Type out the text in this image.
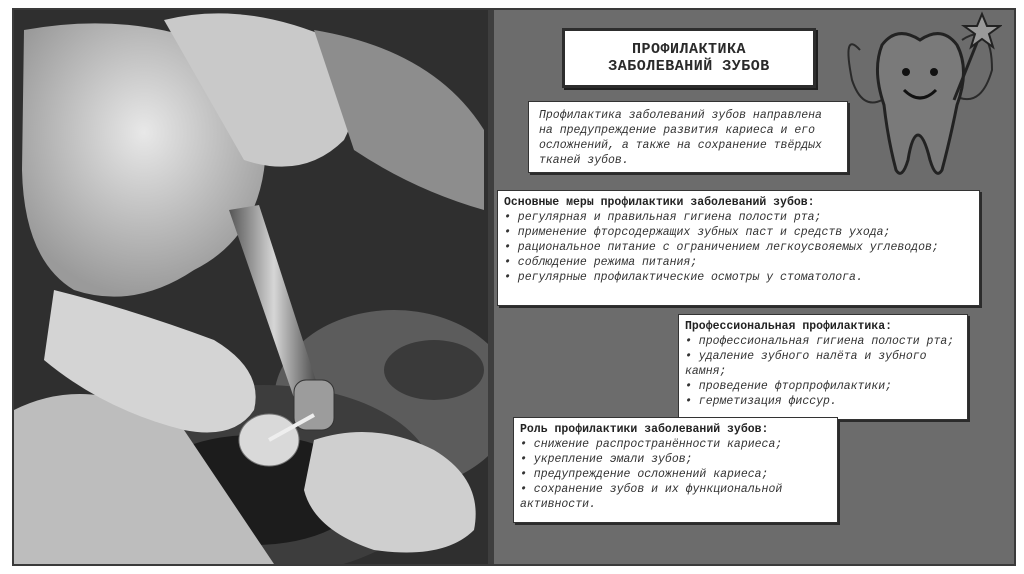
ПРОФИЛАКТИКА
ЗАБОЛЕВАНИЙ ЗУБОВ
Профилактика заболеваний зубов направлена на предупреждение развития кариеса и его осложнений, а также на сохранение твёрдых тканей зубов.
Основные меры профилактики заболеваний зубов:
• регулярная и правильная гигиена полости рта;
• применение фторсодержащих зубных паст и средств ухода;
• рациональное питание с ограничением легкоусвояемых углеводов;
• соблюдение режима питания;
• регулярные профилактические осмотры у стоматолога.
Профессиональная профилактика:
• профессиональная гигиена полости рта;
• удаление зубного налёта и зубного камня;
• проведение фторпрофилактики;
• герметизация фиссур.
Роль профилактики заболеваний зубов:
• снижение распространённости кариеса;
• укрепление эмали зубов;
• предупреждение осложнений кариеса;
• сохранение зубов и их функциональной активности.
